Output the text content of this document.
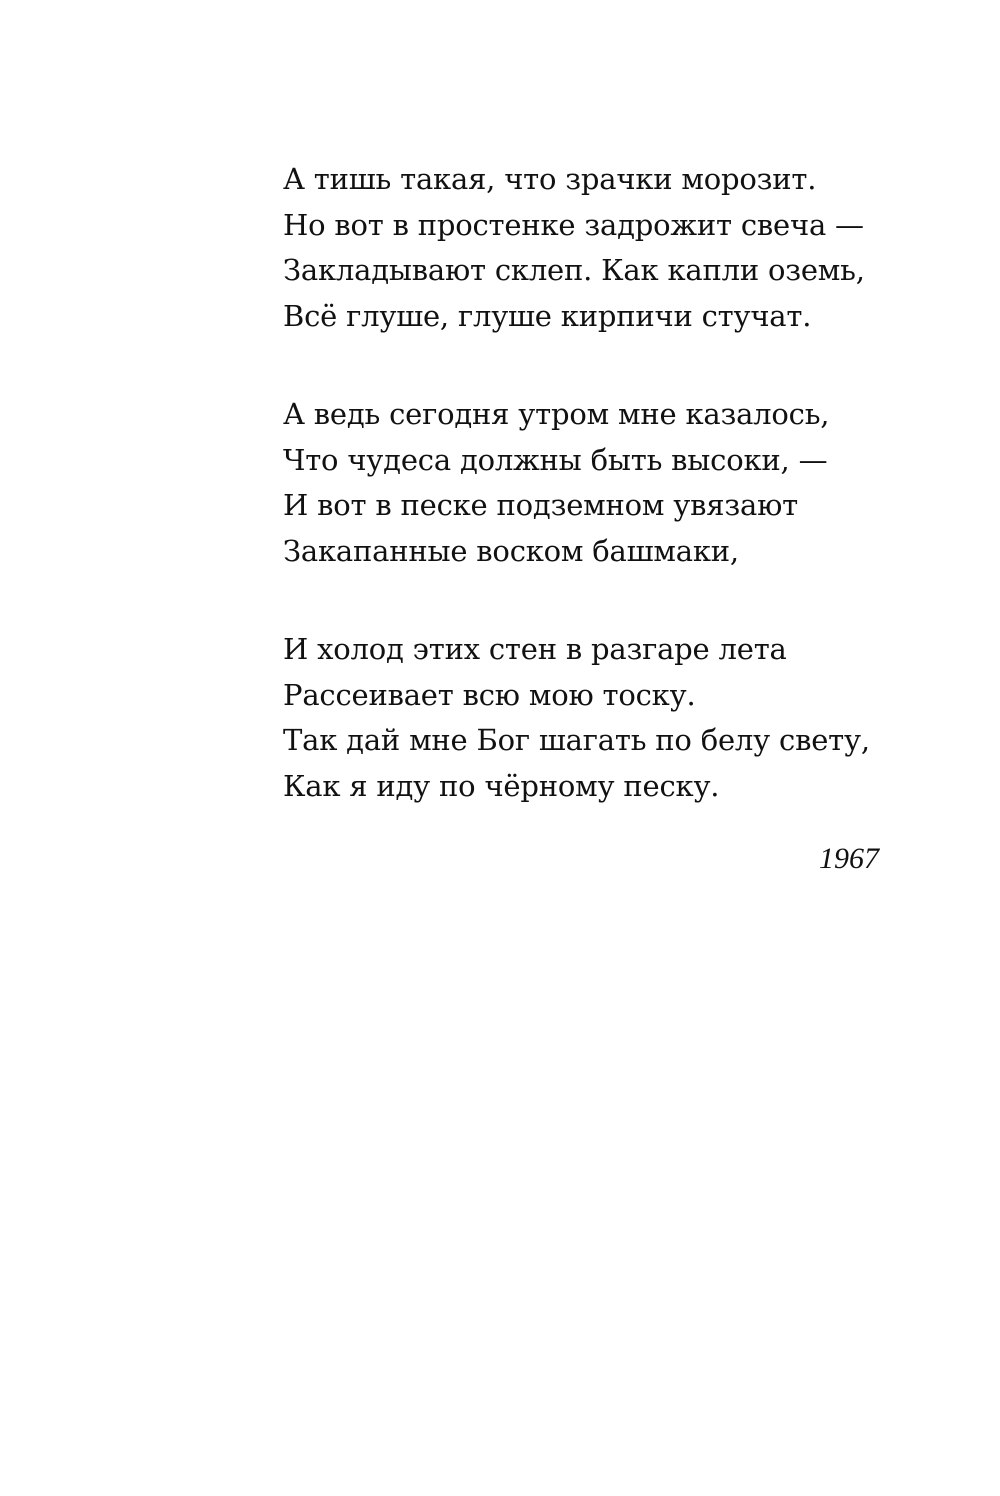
А тишь такая, что зрачки морозит.
Но вот в простенке задрожит свеча —
Закладывают склеп. Как капли оземь,
Всё глуше, глуше кирпичи стучат.
А ведь сегодня утром мне казалось,
Что чудеса должны быть высоки, —
И вот в песке подземном увязают
Закапанные воском башмаки,
И холод этих стен в разгаре лета
Рассеивает всю мою тоску.
Так дай мне Бог шагать по белу свету,
Как я иду по чёрному песку.
1967
